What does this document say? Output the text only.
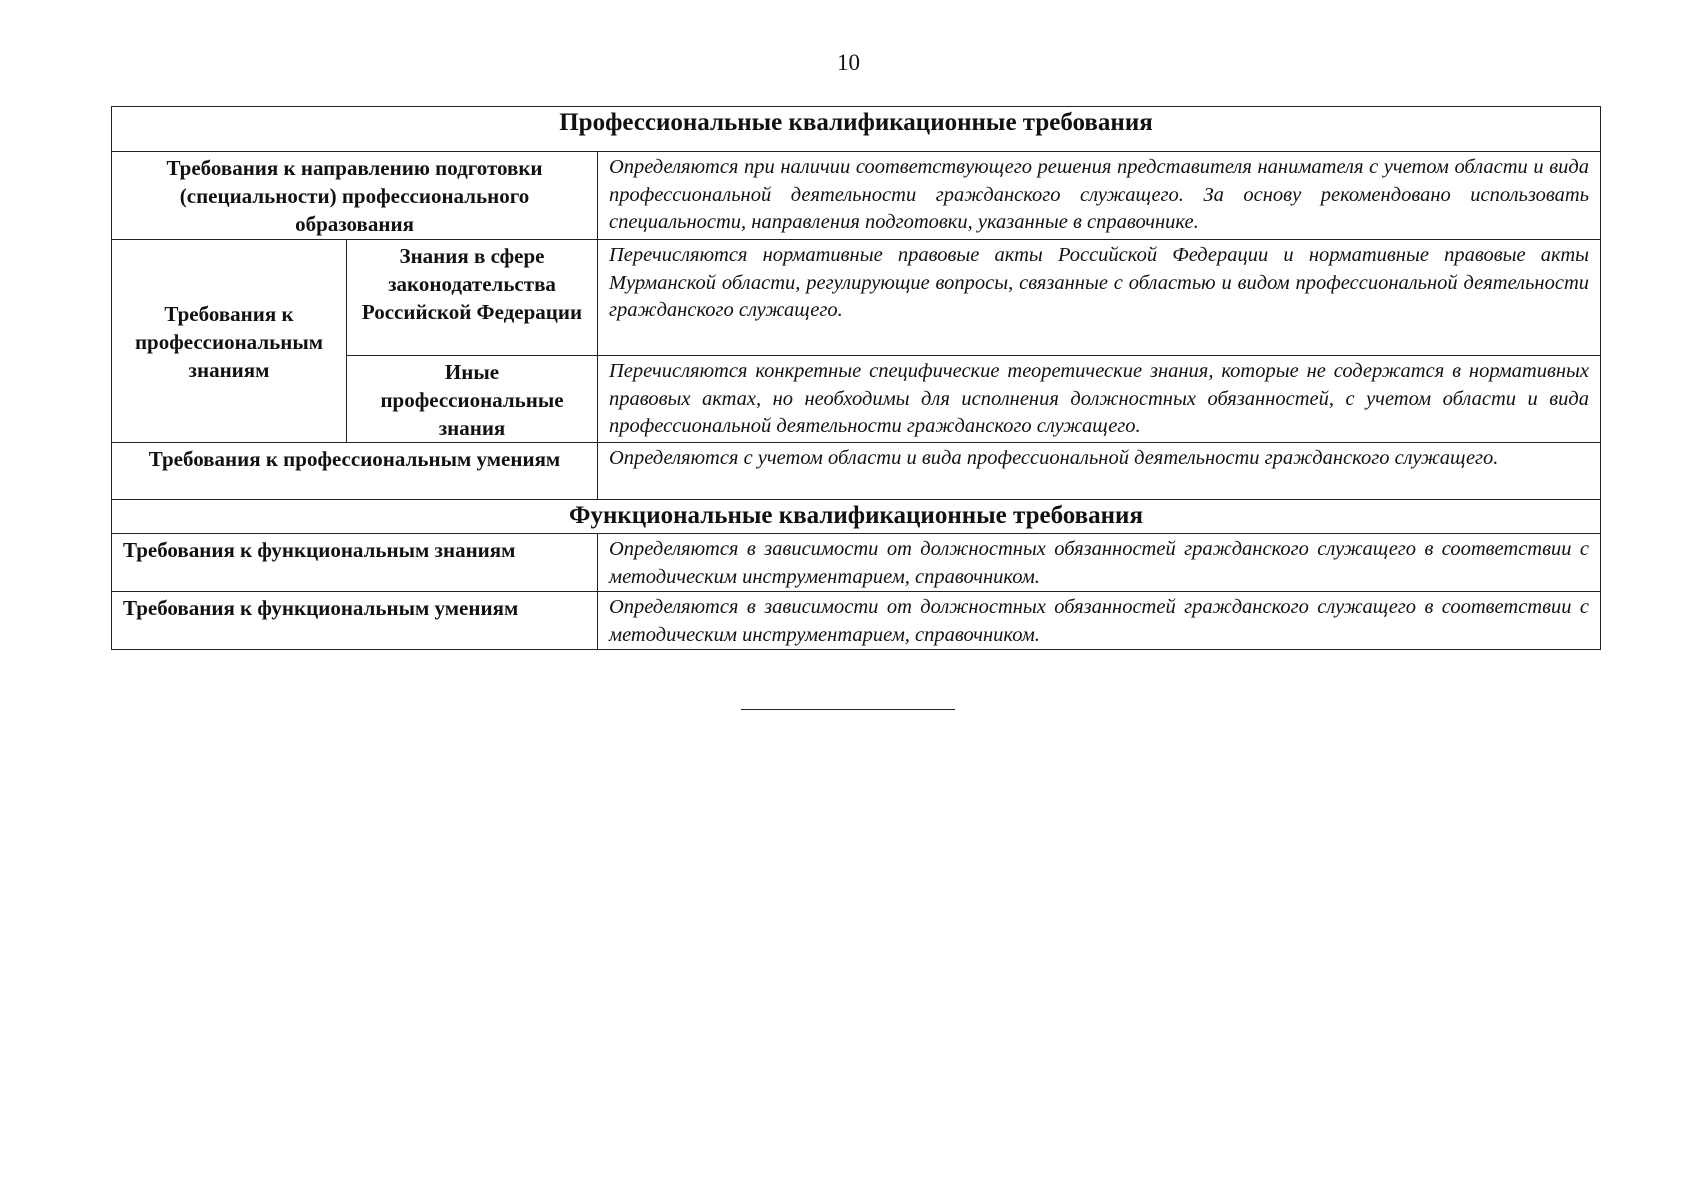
10
Профессиональные квалификационные требования		
Требования к направлению подготовки (специальности) профессионального образования		Определяются при наличии соответствующего решения представителя нанимателя с учетом области и вида профессиональной деятельности гражданского служащего. За основу рекомендовано использовать специальности, направления подготовки, указанные в справочнике.
Требования к профессиональным знаниям	Знания в сфере законодательства Российской Федерации	Перечисляются нормативные правовые акты Российской Федерации и нормативные правовые акты Мурманской области, регулирующие вопросы, связанные с областью и видом профессиональной деятельности гражданского служащего.
	Иные профессиональные знания	Перечисляются конкретные специфические теоретические знания, которые не содержатся в нормативных правовых актах, но необходимы для исполнения должностных обязанностей, с учетом области и вида профессиональной деятельности гражданского служащего.
Требования к профессиональным умениям		Определяются с учетом области и вида профессиональной деятельности гражданского служащего.
Функциональные квалификационные требования		
Требования к функциональным знаниям		Определяются в зависимости от должностных обязанностей гражданского служащего в соответствии с методическим инструментарием, справочником.
Требования к функциональным умениям		Определяются в зависимости от должностных обязанностей гражданского служащего в соответствии с методическим инструментарием, справочником.
